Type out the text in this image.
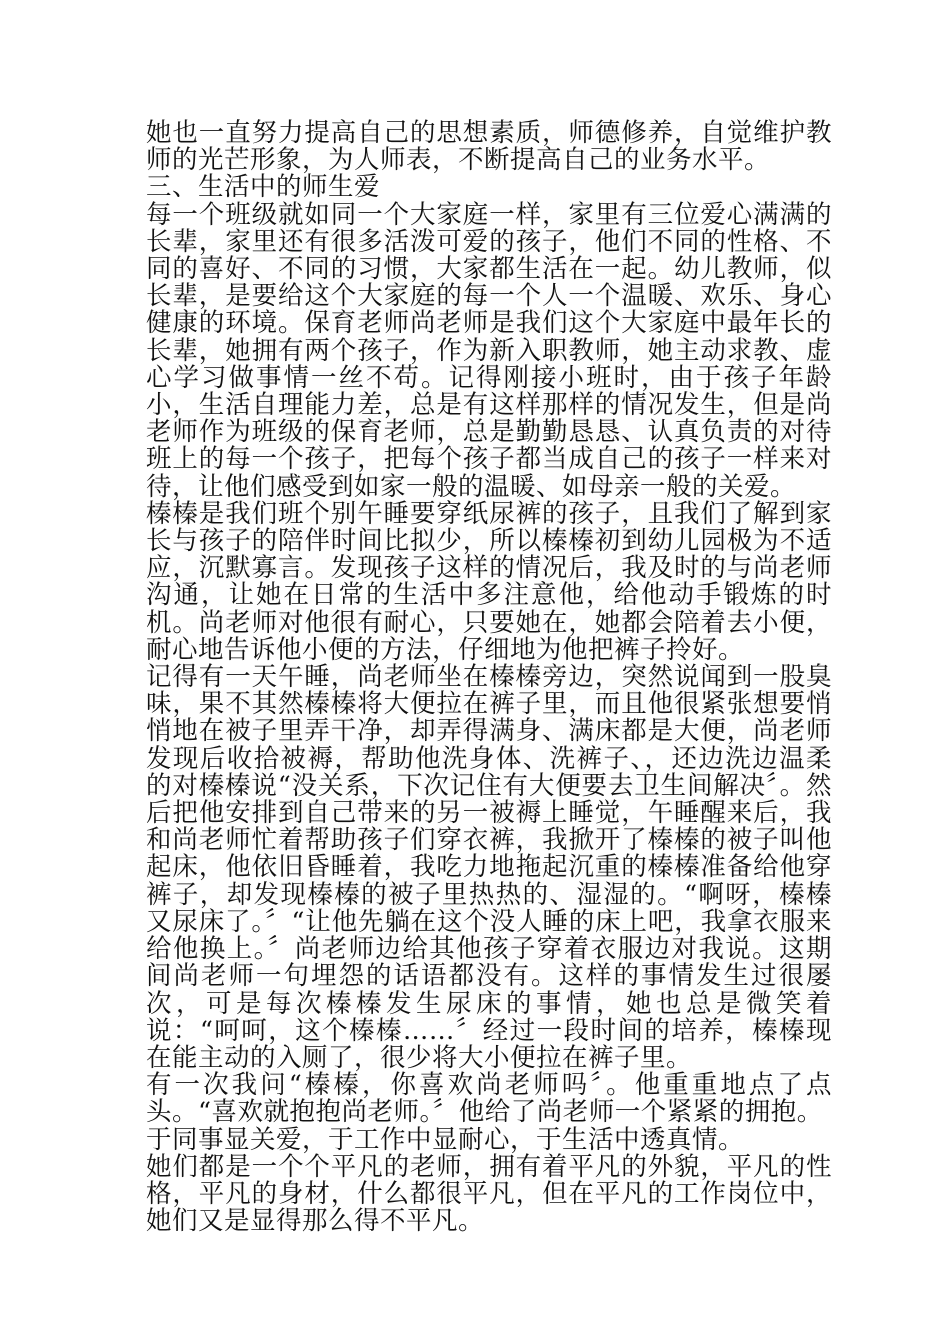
她也一直努力提高自己的思想素质，师德修养，自觉维护教师的光芒形象，为人师表，不断提高自己的业务水平。

三、生活中的师生爱

每一个班级就如同一个大家庭一样，家里有三位爱心满满的长辈，家里还有很多活泼可爱的孩子，他们不同的性格、不同的喜好、不同的习惯，大家都生活在一起。幼儿教师，似长辈，是要给这个大家庭的每一个人一个温暖、欢乐、身心健康的环境。保育老师尚老师是我们这个大家庭中最年长的长辈，她拥有两个孩子，作为新入职教师，她主动求教、虚心学习做事情一丝不苟。记得刚接小班时，由于孩子年龄小，生活自理能力差，总是有这样那样的情况发生，但是尚老师作为班级的保育老师，总是勤勤恳恳、认真负责的对待班上的每一个孩子，把每个孩子都当成自己的孩子一样来对待，让他们感受到如家一般的温暖、如母亲一般的关爱。

榛榛是我们班个别午睡要穿纸尿裤的孩子，且我们了解到家长与孩子的陪伴时间比拟少，所以榛榛初到幼儿园极为不适应，沉默寡言。发现孩子这样的情况后，我及时的与尚老师沟通，让她在日常的生活中多注意他，给他动手锻炼的时机。尚老师对他很有耐心，只要她在，她都会陪着去小便，耐心地告诉他小便的方法，仔细地为他把裤子拎好。

记得有一天午睡，尚老师坐在榛榛旁边，突然说闻到一股臭味，果不其然榛榛将大便拉在裤子里，而且他很紧张想要悄悄地在被子里弄干净，却弄得满身、满床都是大便，尚老师发现后收拾被褥，帮助他洗身体、洗裤子、，还边洗边温柔的对榛榛说“没关系，下次记住有大便要去卫生间解决〞。然后把他安排到自己带来的另一被褥上睡觉，午睡醒来后，我和尚老师忙着帮助孩子们穿衣裤，我掀开了榛榛的被子叫他起床，他依旧昏睡着，我吃力地拖起沉重的榛榛准备给他穿裤子，却发现榛榛的被子里热热的、湿湿的。“啊呀，榛榛又尿床了。〞“让他先躺在这个没人睡的床上吧，我拿衣服来给他换上。〞尚老师边给其他孩子穿着衣服边对我说。这期间尚老师一句埋怨的话语都没有。这样的事情发生过很屡次，可是每次榛榛发生尿床的事情，她也总是微笑着说：“呵呵，这个榛榛……〞经过一段时间的培养，榛榛现在能主动的入厕了，很少将大小便拉在裤子里。

有一次我问“榛榛，你喜欢尚老师吗〞。他重重地点了点头。“喜欢就抱抱尚老师。〞他给了尚老师一个紧紧的拥抱。

于同事显关爱，于工作中显耐心，于生活中透真情。

她们都是一个个平凡的老师，拥有着平凡的外貌，平凡的性格，平凡的身材，什么都很平凡，但在平凡的工作岗位中，她们又是显得那么得不平凡。
